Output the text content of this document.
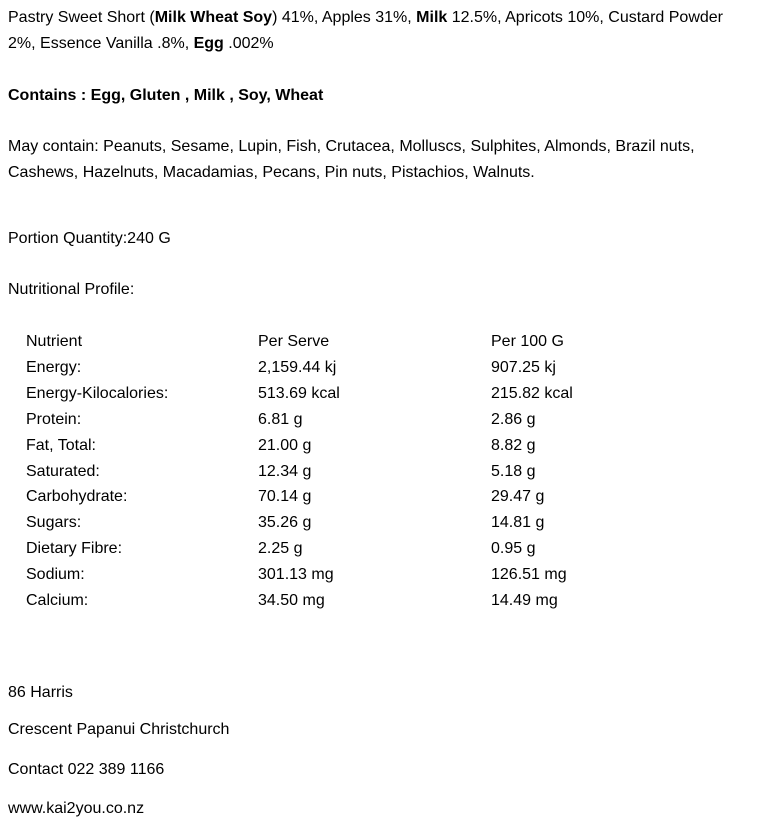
Pastry Sweet Short (Milk Wheat Soy) 41%, Apples 31%, Milk 12.5%, Apricots 10%, Custard Powder
2%, Essence Vanilla .8%, Egg .002%
Contains : Egg, Gluten , Milk , Soy, Wheat
May contain: Peanuts, Sesame, Lupin, Fish, Crutacea, Molluscs, Sulphites, Almonds, Brazil nuts, Cashews, Hazelnuts, Macadamias, Pecans, Pin nuts, Pistachios, Walnuts.
Portion Quantity:240 G
Nutritional Profile:
Nutrient	Per Serve	Per 100 G
Energy:	2,159.44 kj	907.25 kj
Energy-Kilocalories:	513.69 kcal	215.82 kcal
Protein:	6.81 g	2.86 g
Fat, Total:	21.00 g	8.82 g
Saturated:	12.34 g	5.18 g
Carbohydrate:	70.14 g	29.47 g
Sugars:	35.26 g	14.81 g
Dietary Fibre:	2.25 g	0.95 g
Sodium:	301.13 mg	126.51 mg
Calcium:	34.50 mg	14.49 mg
86 Harris
Crescent Papanui Christchurch
Contact 022 389 1166
www.kai2you.co.nz
